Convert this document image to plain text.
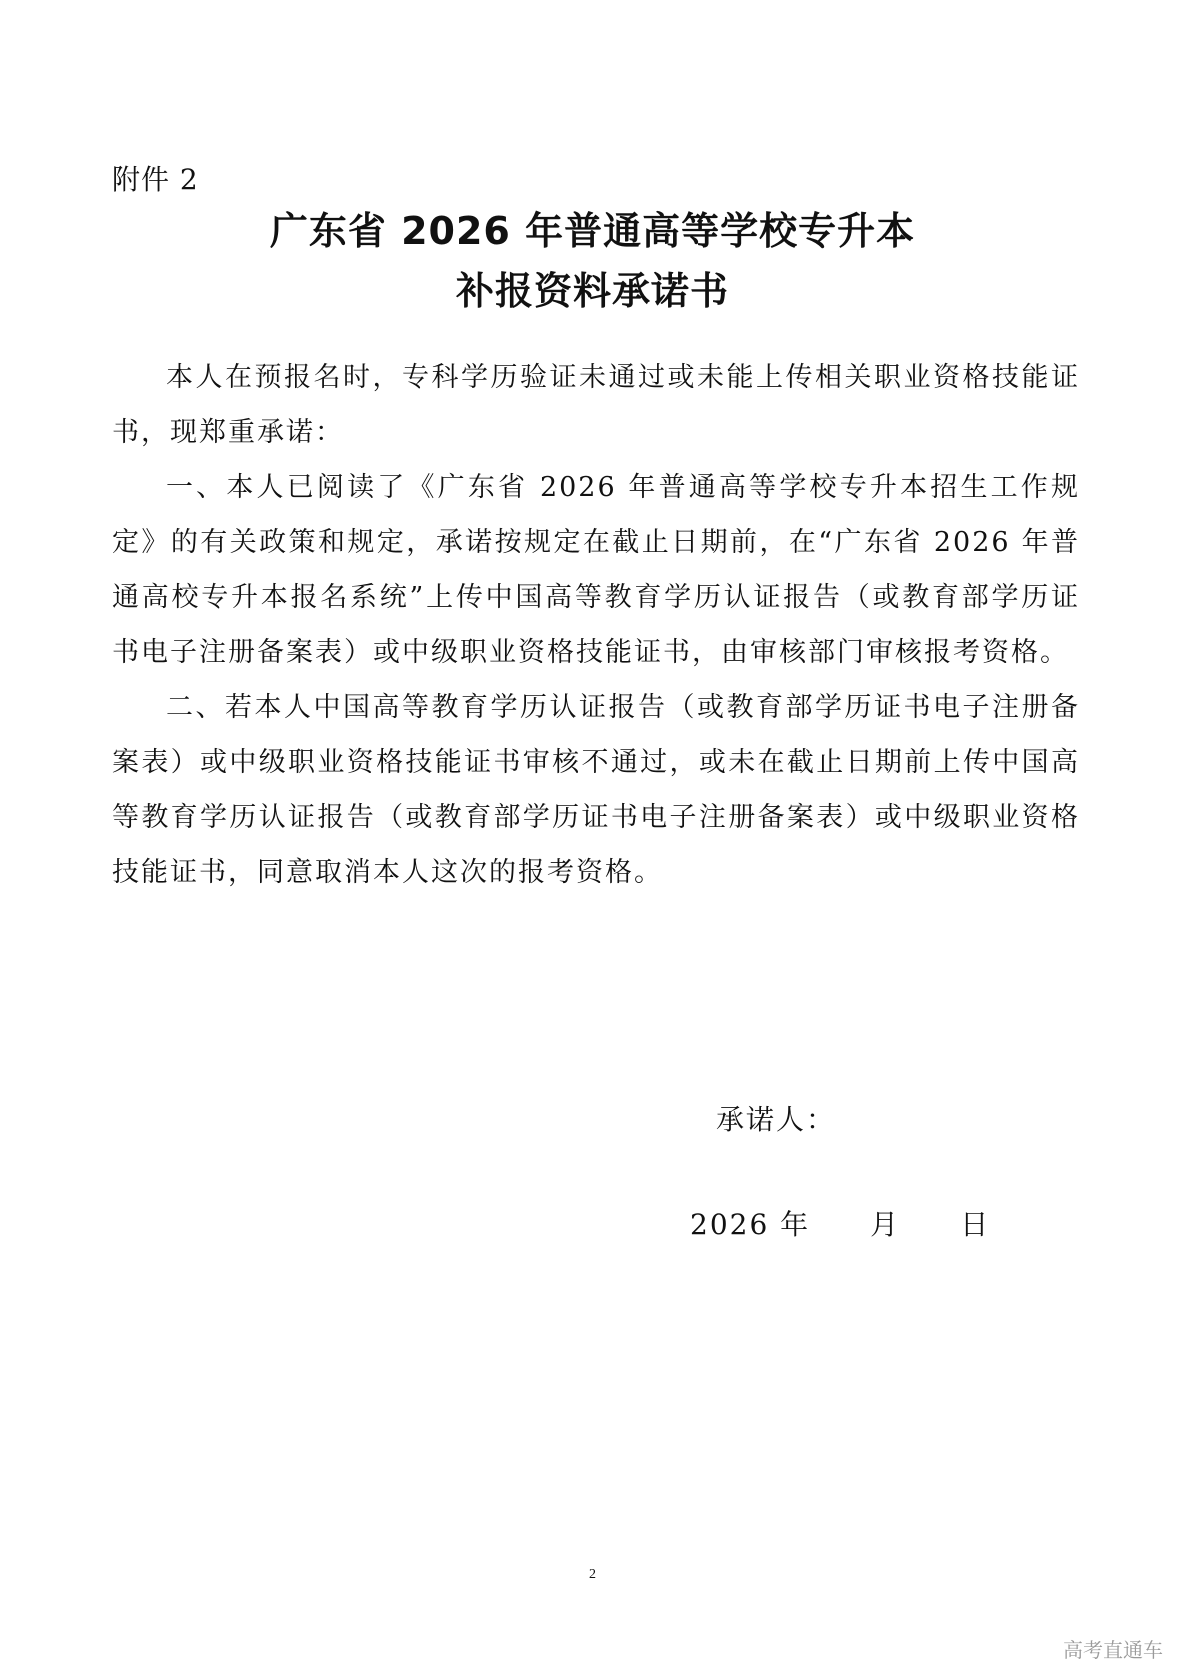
附件 2
广东省 2026 年普通高等学校专升本
补报资料承诺书

本人在预报名时，专科学历验证未通过或未能上传相关职业资格技能证书，现郑重承诺：

一、本人已阅读了《广东省 2026 年普通高等学校专升本招生工作规定》的有关政策和规定，承诺按规定在截止日期前，在“广东省 2026 年普通高校专升本报名系统”上传中国高等教育学历认证报告（或教育部学历证书电子注册备案表）或中级职业资格技能证书，由审核部门审核报考资格。

二、若本人中国高等教育学历认证报告（或教育部学历证书电子注册备案表）或中级职业资格技能证书审核不通过，或未在截止日期前上传中国高等教育学历认证报告（或教育部学历证书电子注册备案表）或中级职业资格技能证书，同意取消本人这次的报考资格。

承诺人：
2026 年 月 日
2
高考直通车
